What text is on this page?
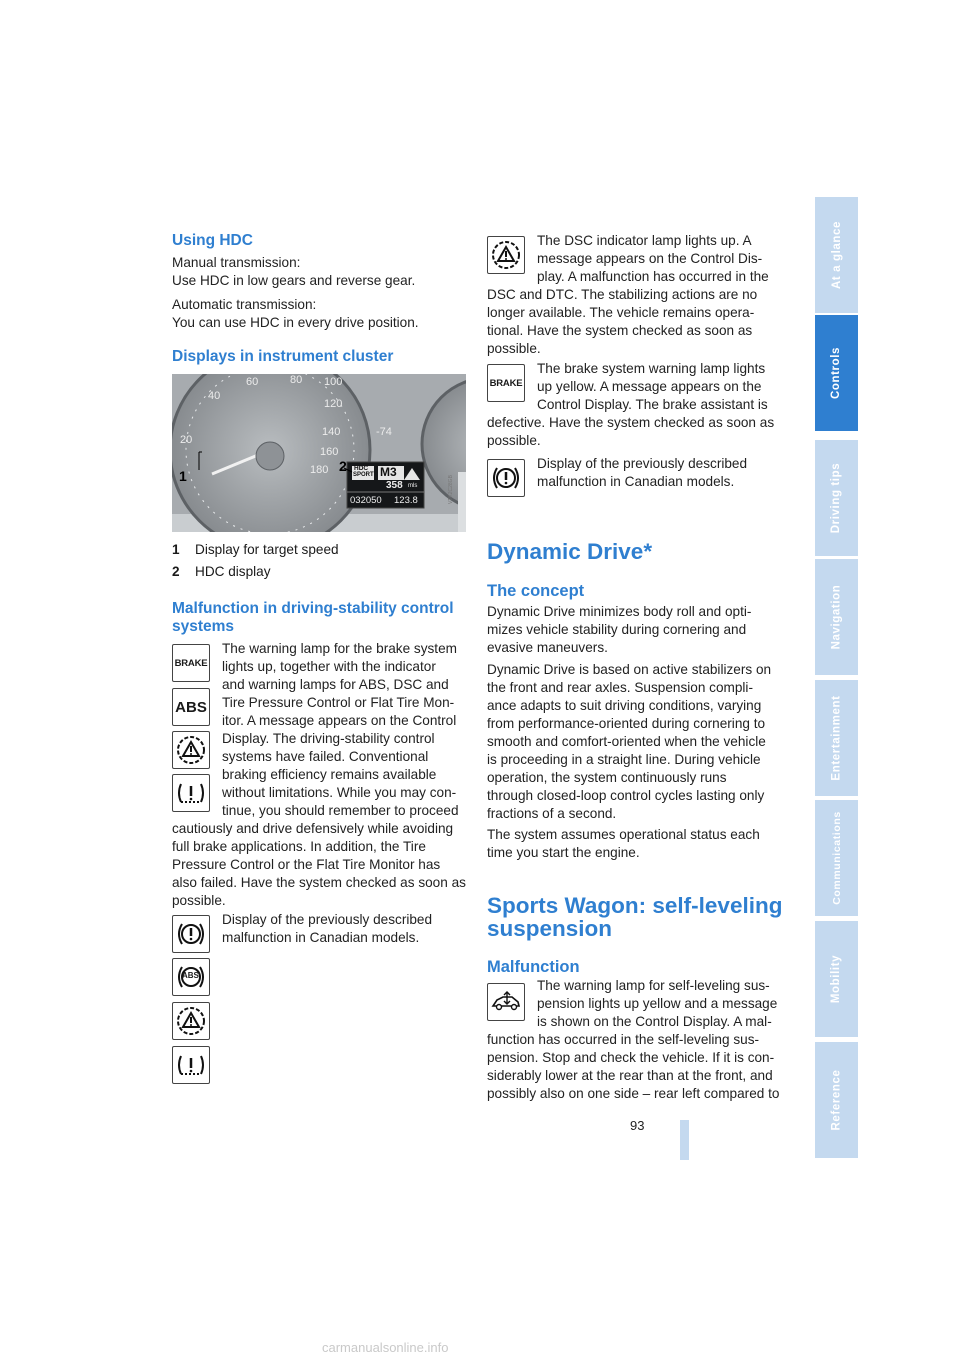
Using HDC

Manual transmission:

Use HDC in low gears and reverse gear.

Automatic transmission:

You can use HDC in every drive position.

Displays in instrument cluster
40
60	80 100
120
140
160
180
20
HDC
SPORT M3
358 mls
032050 123.8
-74
VTK2C28GB
1
2
1 Display for target speed
2 HDC display

Malfunction in driving-stability control

systems

BRAKE
ABS

The warning lamp for the brake system

lights up, together with the indicator

and warning lamps for ABS, DSC and

Tire Pressure Control or Flat Tire Mon-

itor. A message appears on the Control

Display. The driving-stability control

systems have failed. Conventional

braking efficiency remains available

without limitations. While you may con-

tinue, you should remember to proceed

cautiously and drive defensively while avoiding

full brake applications. In addition, the Tire

Pressure Control or the Flat Tire Monitor has

also failed. Have the system checked as soon as

possible.

Display of the previously described

malfunction in Canadian models.

ABS

The DSC indicator lamp lights up. A

message appears on the Control Dis-

play. A malfunction has occurred in the

DSC and DTC. The stabilizing actions are no

longer available. The vehicle remains opera-

tional. Have the system checked as soon as

possible.

BRAKE

The brake system warning lamp lights

up yellow. A message appears on the

Control Display. The brake assistant is

defective. Have the system checked as soon as

possible.

Display of the previously described

malfunction in Canadian models.

Dynamic Drive*
The concept

Dynamic Drive minimizes body roll and opti-

mizes vehicle stability during cornering and

evasive maneuvers.

Dynamic Drive is based on active stabilizers on

the front and rear axles. Suspension compli-

ance adapts to suit driving conditions, varying

from performance-oriented during cornering to

smooth and comfort-oriented when the vehicle

is proceeding in a straight line. During vehicle

operation, the system continuously runs

through closed-loop control cycles lasting only

fractions of a second.

The system assumes operational status each

time you start the engine.

Sports Wagon: self-leveling

suspension

Malfunction

The warning lamp for self-leveling sus-

pension lights up yellow and a message

is shown on the Control Display. A mal-

function has occurred in the self-leveling sus-

pension. Stop and check the vehicle. If it is con-

siderably lower at the rear than at the front, and

possibly also on one side – rear left compared to

At a glance
Controls
Driving tips
Navigation
Entertainment
Communications
Mobility
Reference
93
carmanualsonline.info
